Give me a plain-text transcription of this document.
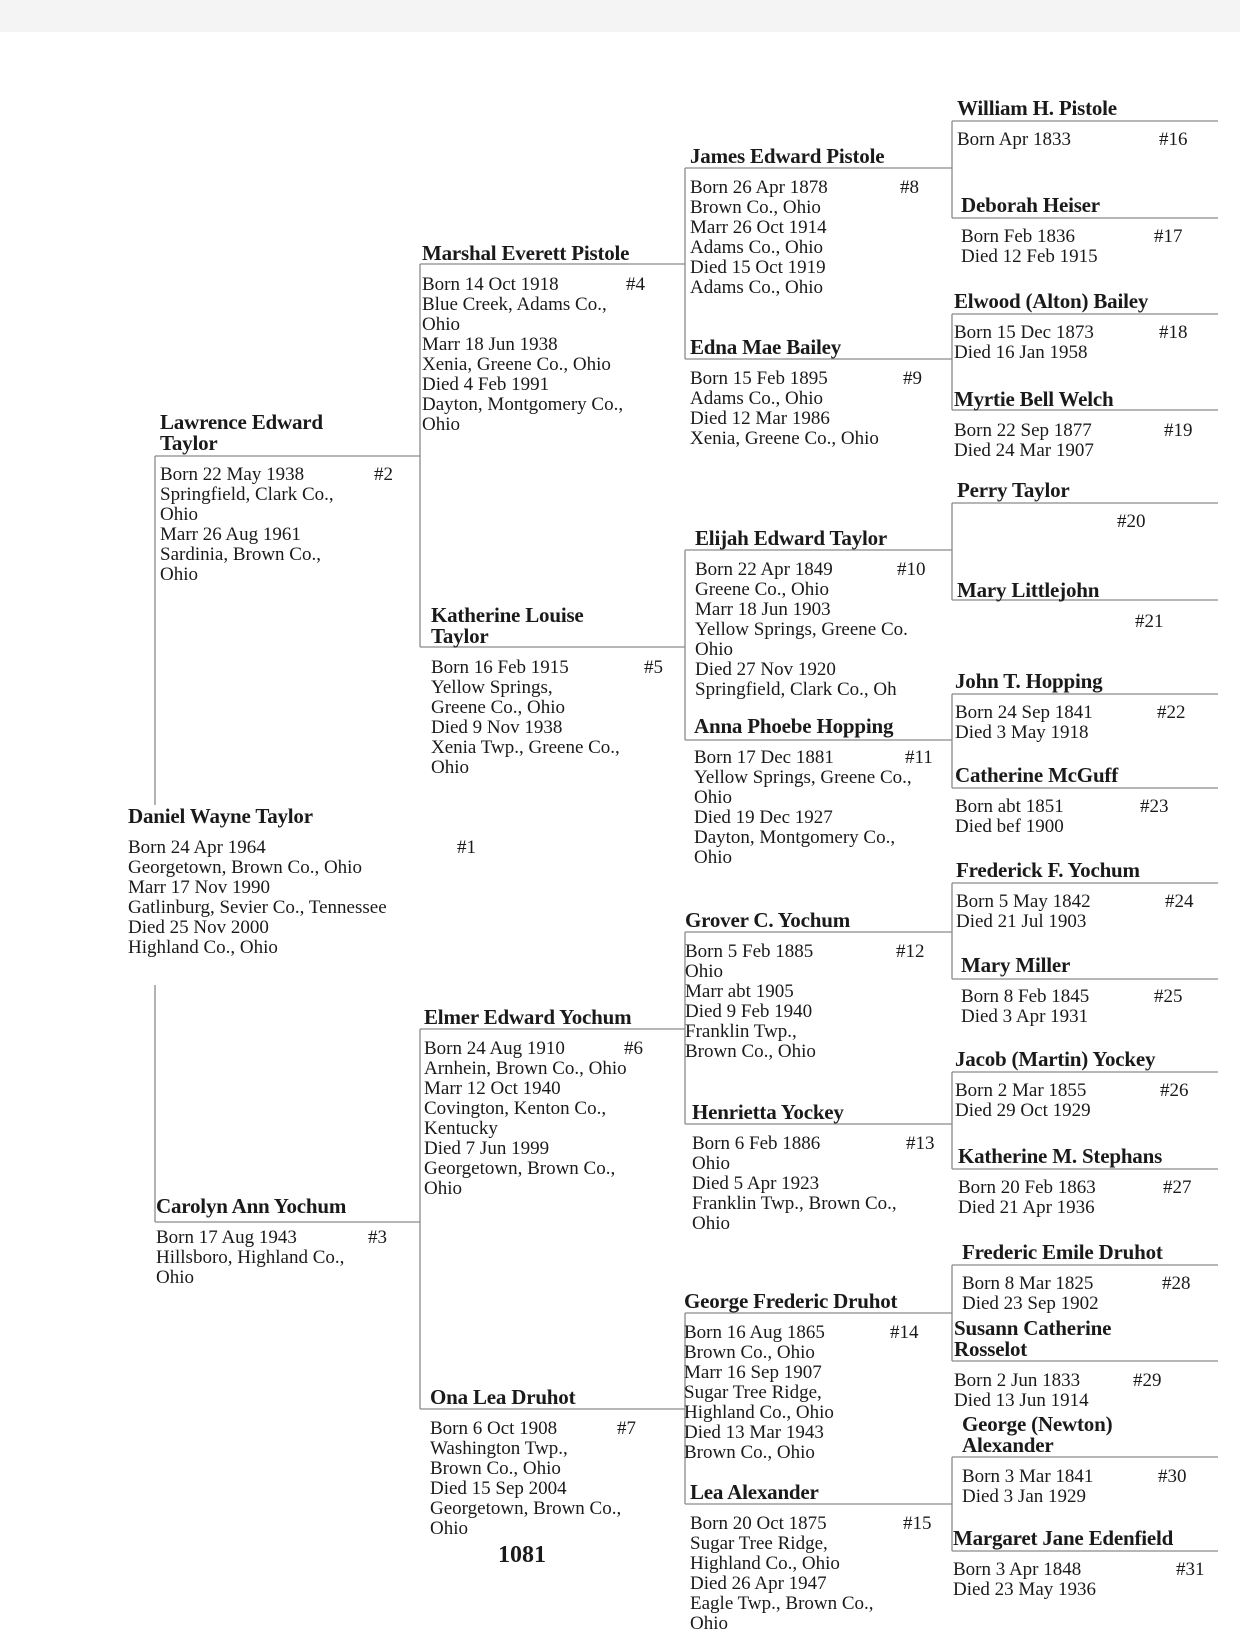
Daniel Wayne Taylor
Born 24 Apr 1964
Georgetown, Brown Co., Ohio
Marr 17 Nov 1990
Gatlinburg, Sevier Co., Tennessee
Died 25 Nov 2000
Highland Co., Ohio
#1
Lawrence Edward
Taylor
Born 22 May 1938
Springfield, Clark Co.,
Ohio
Marr 26 Aug 1961
Sardinia, Brown Co.,
Ohio
#2
Carolyn Ann Yochum
Born 17 Aug 1943
Hillsboro, Highland Co.,
Ohio
#3
Marshal Everett Pistole
Born 14 Oct 1918
Blue Creek, Adams Co.,
Ohio
Marr 18 Jun 1938
Xenia, Greene Co., Ohio
Died 4 Feb 1991
Dayton, Montgomery Co.,
Ohio
#4
Katherine Louise
Taylor
Born 16 Feb 1915
Yellow Springs,
Greene Co., Ohio
Died 9 Nov 1938
Xenia Twp., Greene Co.,
Ohio
#5
Elmer Edward Yochum
Born 24 Aug 1910
Arnhein, Brown Co., Ohio
Marr 12 Oct 1940
Covington, Kenton Co.,
Kentucky
Died 7 Jun 1999
Georgetown, Brown Co.,
Ohio
#6
Ona Lea Druhot
Born 6 Oct 1908
Washington Twp.,
Brown Co., Ohio
Died 15 Sep 2004
Georgetown, Brown Co.,
Ohio
#7
James Edward Pistole
Born 26 Apr 1878
Brown Co., Ohio
Marr 26 Oct 1914
Adams Co., Ohio
Died 15 Oct 1919
Adams Co., Ohio
#8
Edna Mae Bailey
Born 15 Feb 1895
Adams Co., Ohio
Died 12 Mar 1986
Xenia, Greene Co., Ohio
#9
Elijah Edward Taylor
Born 22 Apr 1849
Greene Co., Ohio
Marr 18 Jun 1903
Yellow Springs, Greene Co.
Ohio
Died 27 Nov 1920
Springfield, Clark Co., Oh
#10
Anna Phoebe Hopping
Born 17 Dec 1881
Yellow Springs, Greene Co.,
Ohio
Died 19 Dec 1927
Dayton, Montgomery Co.,
Ohio
#11
Grover C. Yochum
Born 5 Feb 1885
Ohio
Marr abt 1905
Died 9 Feb 1940
Franklin Twp.,
Brown Co., Ohio
#12
Henrietta Yockey
Born 6 Feb 1886
Ohio
Died 5 Apr 1923
Franklin Twp., Brown Co.,
Ohio
#13
George Frederic Druhot
Born 16 Aug 1865
Brown Co., Ohio
Marr 16 Sep 1907
Sugar Tree Ridge,
Highland Co., Ohio
Died 13 Mar 1943
Brown Co., Ohio
#14
Lea Alexander
Born 20 Oct 1875
Sugar Tree Ridge,
Highland Co., Ohio
Died 26 Apr 1947
Eagle Twp., Brown Co.,
Ohio
#15
William H. Pistole
Born Apr 1833	#16
Deborah Heiser
Born Feb 1836
Died 12 Feb 1915
#17
Elwood (Alton) Bailey
Born 15 Dec 1873
Died 16 Jan 1958
#18
Myrtie Bell Welch
Born 22 Sep 1877
Died 24 Mar 1907
#19
Perry Taylor
#20
Mary Littlejohn
#21
John T. Hopping
Born 24 Sep 1841
Died 3 May 1918
#22
Catherine McGuff
Born abt 1851
Died bef 1900
#23
Frederick F. Yochum
Born 5 May 1842
Died 21 Jul 1903
#24
Mary Miller
Born 8 Feb 1845
Died 3 Apr 1931
#25
Jacob (Martin) Yockey
Born 2 Mar 1855
Died 29 Oct 1929
#26
Katherine M. Stephans
Born 20 Feb 1863
Died 21 Apr 1936
#27
Frederic Emile Druhot
Born 8 Mar 1825
Died 23 Sep 1902
#28
Susann Catherine
Rosselot
Born 2 Jun 1833
Died 13 Jun 1914
#29
George (Newton)
Alexander
Born 3 Mar 1841
Died 3 Jan 1929
#30
Margaret Jane Edenfield
Born 3 Apr 1848
Died 23 May 1936
#31
1081
